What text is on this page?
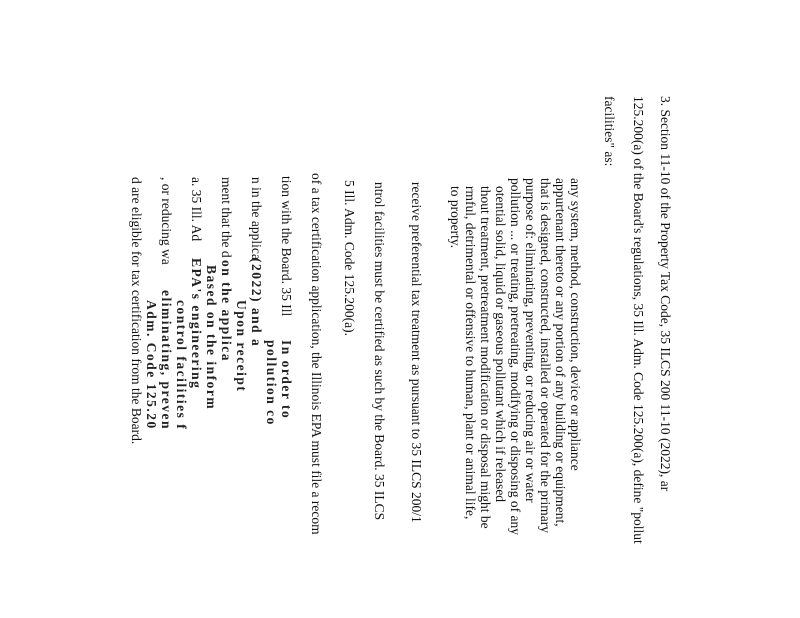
3. Section 11-10 of the Property Tax Code, 35 ILCS 200 11-10 (2022), ar
125.200(a) of the Board's regulations, 35 Ill. Adm. Code 125.200(a), define "pollut
facilities" as:
any system, method, construction, device or appliance
appurtenant thereto or any portion of any building or equipment,
that is designed, constructed, installed or operated for the primary
purpose of: eliminating, preventing, or reducing air or water
pollution ... or treating, pretreating, modifying or disposing of any
otential solid, liquid or gaseous pollutant which if released
thout treatment, pretreatment modification or disposal might be
rmful, detrimental or offensive to human, plant or animal life,
to property.
receive preferential tax treatment as pursuant to 35 ILCS 200/1
ntrol facilities must be certified as such by the Board. 35 ILCS
5 Ill. Adm. Code 125.200(a).
of a tax certification application, the Illinois EPA must file a recom
tion with the Board. 35 Ill
n in the applica
ment that the d
a. 35 Ill. Ad
, or reducing wa
d are eligible for tax certification from the Board.	In order to
pollution co
(2022) and a
Upon receipt
on the applica
Based on the inform
EPA's engineering
control facilities f
eliminating, preven
Adm. Code 125.20
